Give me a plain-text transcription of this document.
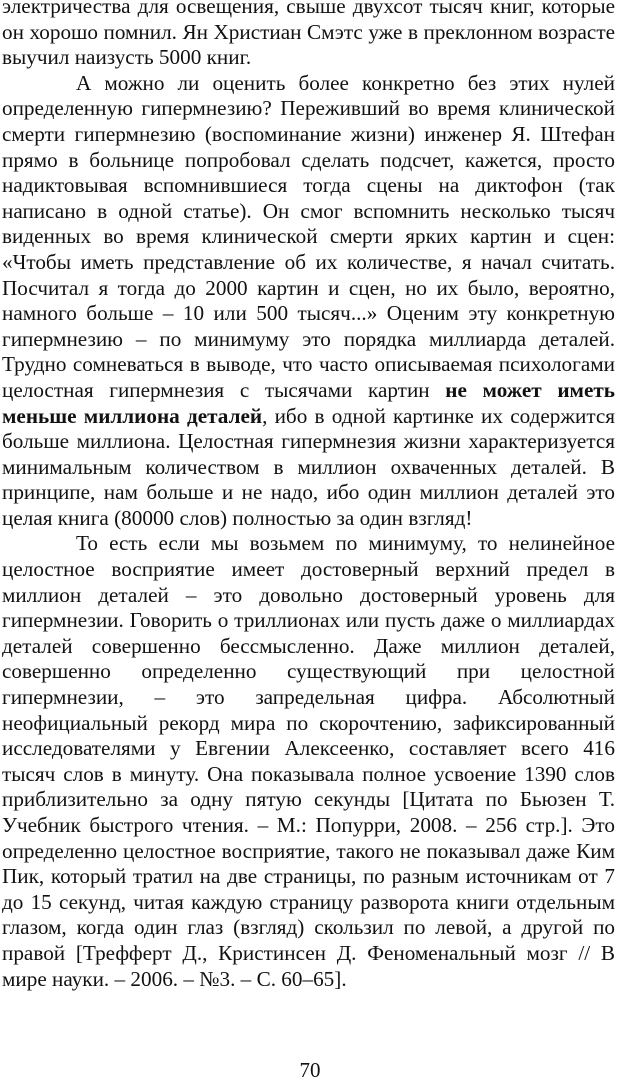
электричества для освещения, свыше двухсот тысяч книг, которые он хорошо помнил. Ян Христиан Смэтс уже в преклонном возрасте выучил наизусть 5000 книг.

А можно ли оценить более конкретно без этих нулей определенную гипермнезию? Переживший во время клинической смерти гипермнезию (воспоминание жизни) инженер Я. Штефан прямо в больнице попробовал сделать подсчет, кажется, просто надиктовывая вспомнившиеся тогда сцены на диктофон (так написано в одной статье). Он смог вспомнить несколько тысяч виденных во время клинической смерти ярких картин и сцен: «Чтобы иметь представление об их количестве, я начал считать. Посчитал я тогда до 2000 картин и сцен, но их было, вероятно, намного больше – 10 или 500 тысяч...» Оценим эту конкретную гипермнезию – по минимуму это порядка миллиарда деталей. Трудно сомневаться в выводе, что часто описываемая психологами целостная гипермнезия с тысячами картин не может иметь меньше миллиона деталей, ибо в одной картинке их содержится больше миллиона. Целостная гипермнезия жизни характеризуется минимальным количеством в миллион охваченных деталей. В принципе, нам больше и не надо, ибо один миллион деталей это целая книга (80000 слов) полностью за один взгляд!

То есть если мы возьмем по минимуму, то нелинейное целостное восприятие имеет достоверный верхний предел в миллион деталей – это довольно достоверный уровень для гипермнезии. Говорить о триллионах или пусть даже о миллиардах деталей совершенно бессмысленно. Даже миллион деталей, совершенно определенно существующий при целостной гипермнезии, – это запредельная цифра. Абсолютный неофициальный рекорд мира по скорочтению, зафиксированный исследователями у Евгении Алексеенко, составляет всего 416 тысяч слов в минуту. Она показывала полное усвоение 1390 слов приблизительно за одну пятую секунды [Цитата по Бьюзен Т. Учебник быстрого чтения. – М.: Попурри, 2008. – 256 стр.]. Это определенно целостное восприятие, такого не показывал даже Ким Пик, который тратил на две страницы, по разным источникам от 7 до 15 секунд, читая каждую страницу разворота книги отдельным глазом, когда один глаз (взгляд) скользил по левой, а другой по правой [Трефферт Д., Кристинсен Д. Феноменальный мозг // В мире науки. – 2006. – №3. – С. 60–65].

70
